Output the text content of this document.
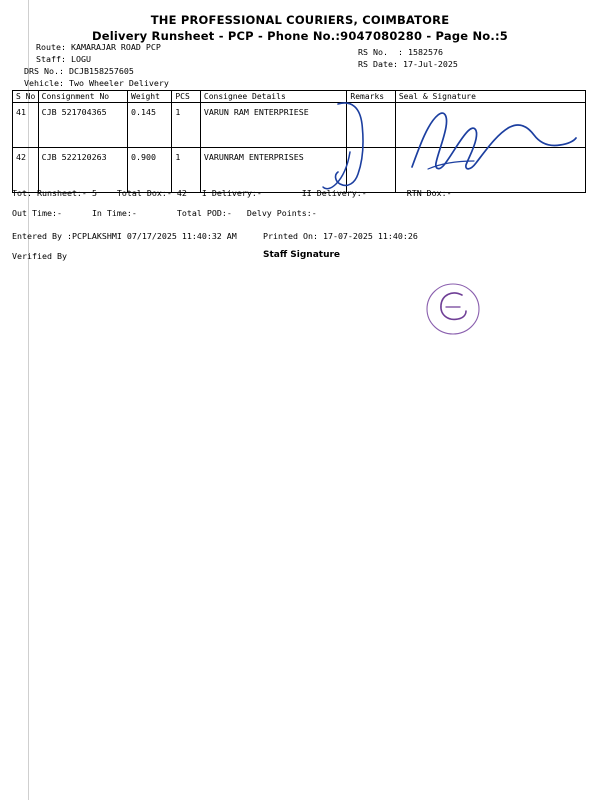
THE PROFESSIONAL COURIERS, COIMBATORE
Delivery Runsheet - PCP - Phone No.:9047080280 - Page No.:5
Route: KAMARAJAR ROAD PCP
Staff: LOGU
DRS No.: DCJB158257605
Vehicle: Two Wheeler Delivery
RS No.  : 1582576
RS Date: 17-Jul-2025
S No	Consignment No	Weight	PCS	Consignee Details	Remarks	Seal & Signature
41	CJB 521704365	0.145	1	VARUN RAM ENTERPRIESE		
42	CJB 522120263	0.900	1	VARUNRAM ENTERPRISES		
Tot. Runsheet:- 5 Total Dox:- 42 I Delivery:-	II Delivery:-	RTN Dox:-
Out Time:-	In Time:-	Total POD:- Delvy Points:-
Entered By :PCPLAKSHMI 07/17/2025 11:40:32 AM	Printed On: 17-07-2025 11:40:26
Verified By	Staff Signature
